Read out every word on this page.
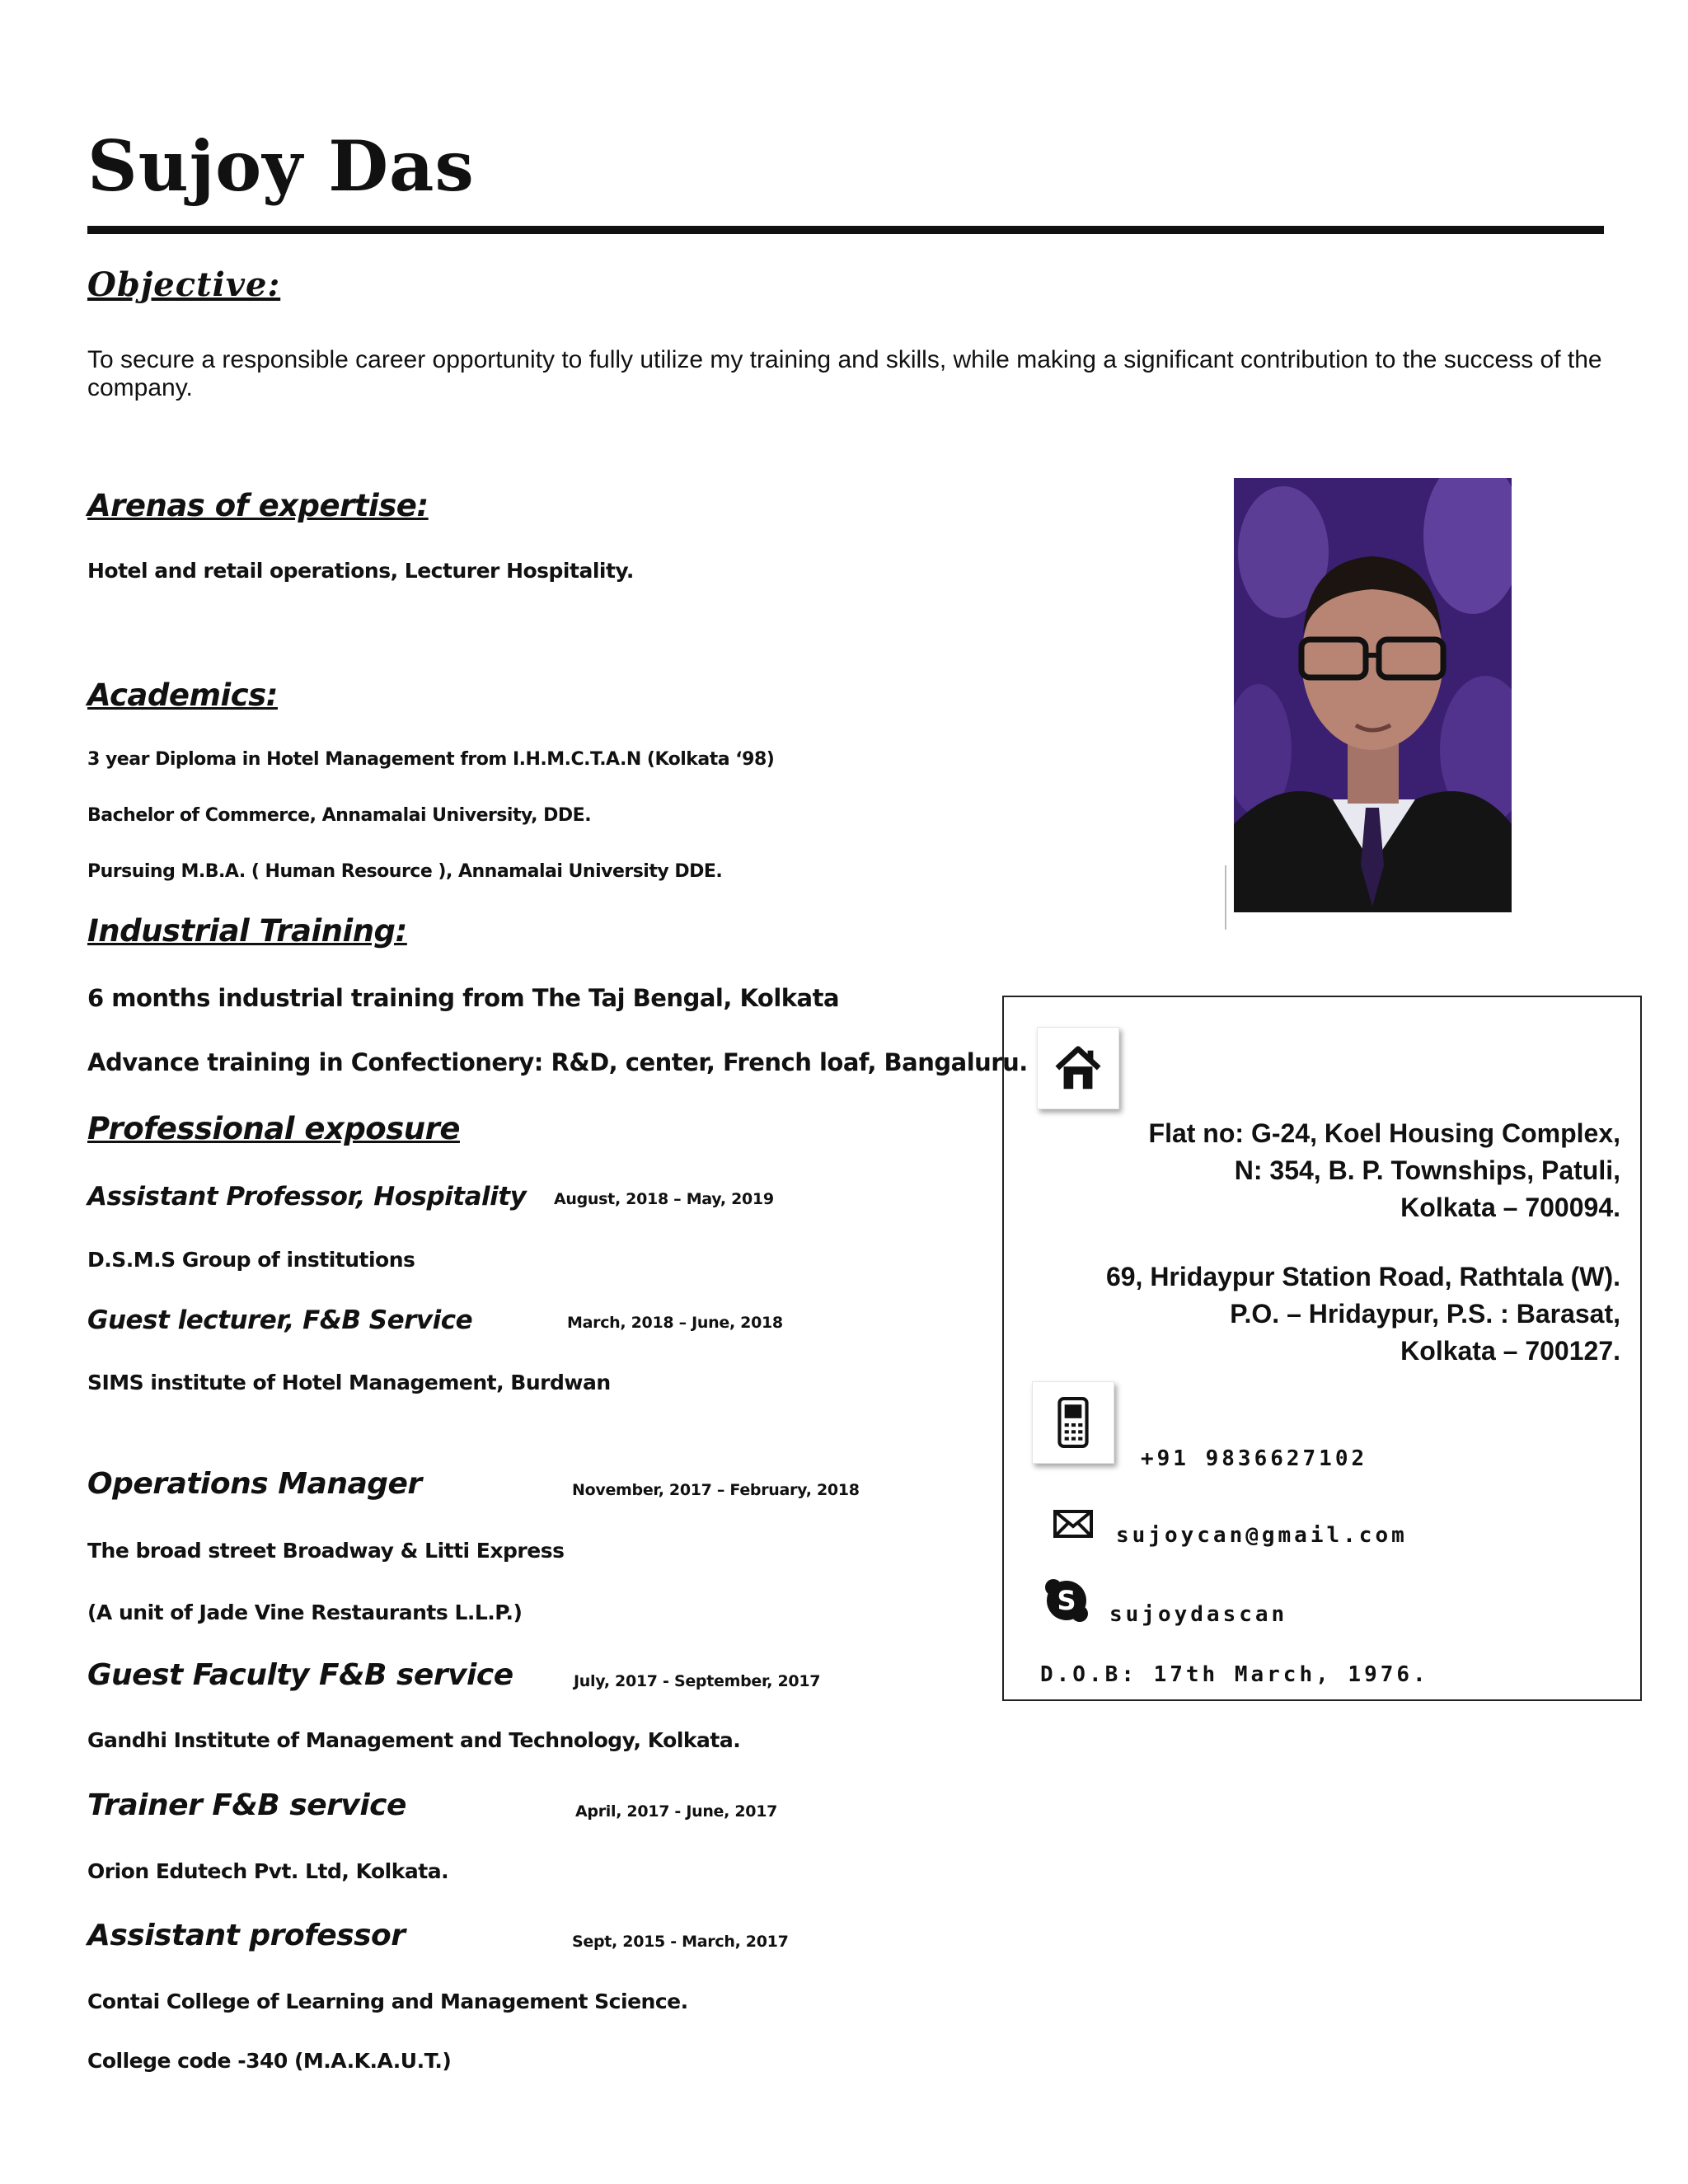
Sujoy Das
Objective:
To secure a responsible career opportunity to fully utilize my training and skills, while making a significant contribution to the success of the company.
Arenas of expertise:
Hotel and retail operations, Lecturer Hospitality.
Academics:
3 year Diploma in Hotel Management from I.H.M.C.T.A.N (Kolkata ‘98)
Bachelor of Commerce, Annamalai University, DDE.
Pursuing M.B.A. ( Human Resource ), Annamalai University DDE.
Industrial Training:
6 months industrial training from The Taj Bengal, Kolkata
Advance training in Confectionery: R&D, center, French loaf, Bangaluru.
Professional exposure
Assistant Professor, Hospitality August, 2018 – May, 2019
D.S.M.S Group of institutions
Guest lecturer, F&B Service	March, 2018 – June, 2018
SIMS institute of Hotel Management, Burdwan
Operations Manager	November, 2017 – February, 2018
The broad street Broadway & Litti Express
(A unit of Jade Vine Restaurants L.L.P.)
Guest Faculty F&B service	July, 2017 - September, 2017
Gandhi Institute of Management and Technology, Kolkata.
Trainer F&B service	April, 2017 - June, 2017
Orion Edutech Pvt. Ltd, Kolkata.
Assistant professor	Sept, 2015 - March, 2017
Contai College of Learning and Management Science.
College code -340 (M.A.K.A.U.T.)
Flat no: G-24, Koel Housing Complex,
N: 354, B. P. Townships, Patuli,
Kolkata – 700094.
69, Hridaypur Station Road, Rathtala (W).
P.O. – Hridaypur, P.S. : Barasat,
Kolkata – 700127.
+91 9836627102
sujoycan@gmail.com
S sujoydascan
D.O.B: 17th March, 1976.
